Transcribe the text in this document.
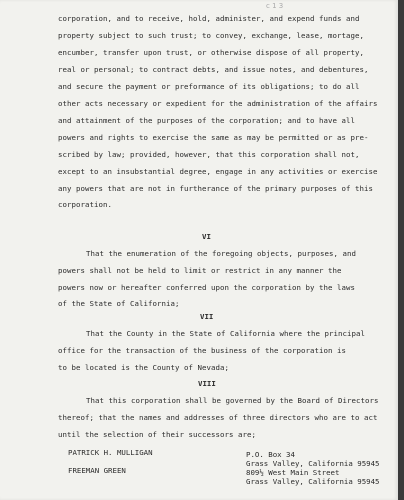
c 1 3
corporation, and to receive, hold, administer, and expend funds and
property subject to such trust; to convey, exchange, lease, mortage,
encumber, transfer upon trust, or otherwise dispose of all property,
real or personal; to contract debts, and issue notes, and debentures,
and secure the payment or preformance of its obligations; to do all
other acts necessary or expedient for the administration of the affairs
and attainment of the purposes of the corporation; and to have all
powers and rights to exercise the same as may be permitted or as pre-
scribed by law; provided, however, that this corporation shall not,
except to an insubstantial degree, engage in any activities or exercise
any powers that are not in furtherance of the primary purposes of this
corporation.
VI
That the enumeration of the foregoing objects, purposes, and
powers shall not be held to limit or restrict in any manner the
powers now or hereafter conferred upon the corporation by the laws
of the State of California;
VII
That the County in the State of California where the principal
office for the transaction of the business of the corporation is
to be located is the County of Nevada;
VIII
That this corporation shall be governed by the Board of Directors
thereof; that the names and addresses of three directors who are to act
until the selection of their successors are;
PATRICK H. MULLIGAN	P.O. Box 34
Grass Valley, California 95945
FREEMAN GREEN	809½ West Main Street
Grass Valley, California 95945
